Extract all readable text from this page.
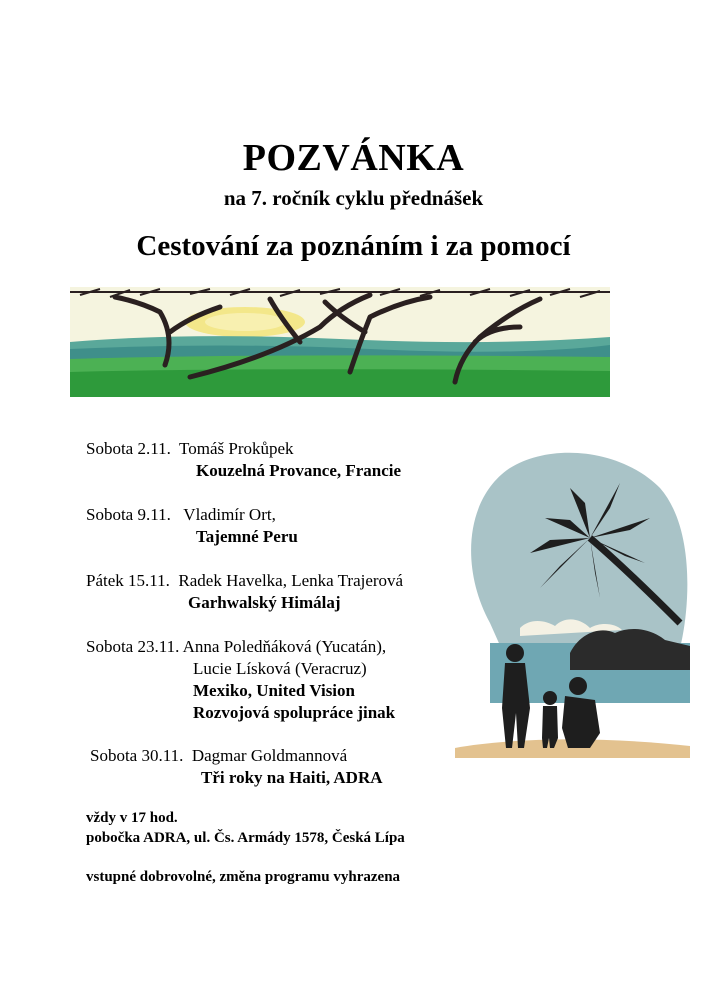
POZVÁNKA
na 7. ročník cyklu přednášek
Cestování za poznáním i za pomocí
Sobota 2.11. Tomáš Prokůpek
Kouzelná Provance, Francie
Sobota 9.11. Vladimír Ort,
Tajemné Peru
Pátek 15.11. Radek Havelka, Lenka Trajerová
Garhwalský Himálaj
Sobota 23.11. Anna Poledňáková (Yucatán),
Lucie Lísková (Veracruz)
Mexiko, United Vision
Rozvojová spolupráce jinak
Sobota 30.11. Dagmar Goldmannová
Tři roky na Haiti, ADRA
vždy v 17 hod.
pobočka ADRA, ul. Čs. Armády 1578, Česká Lípa
vstupné dobrovolné, změna programu vyhrazena
